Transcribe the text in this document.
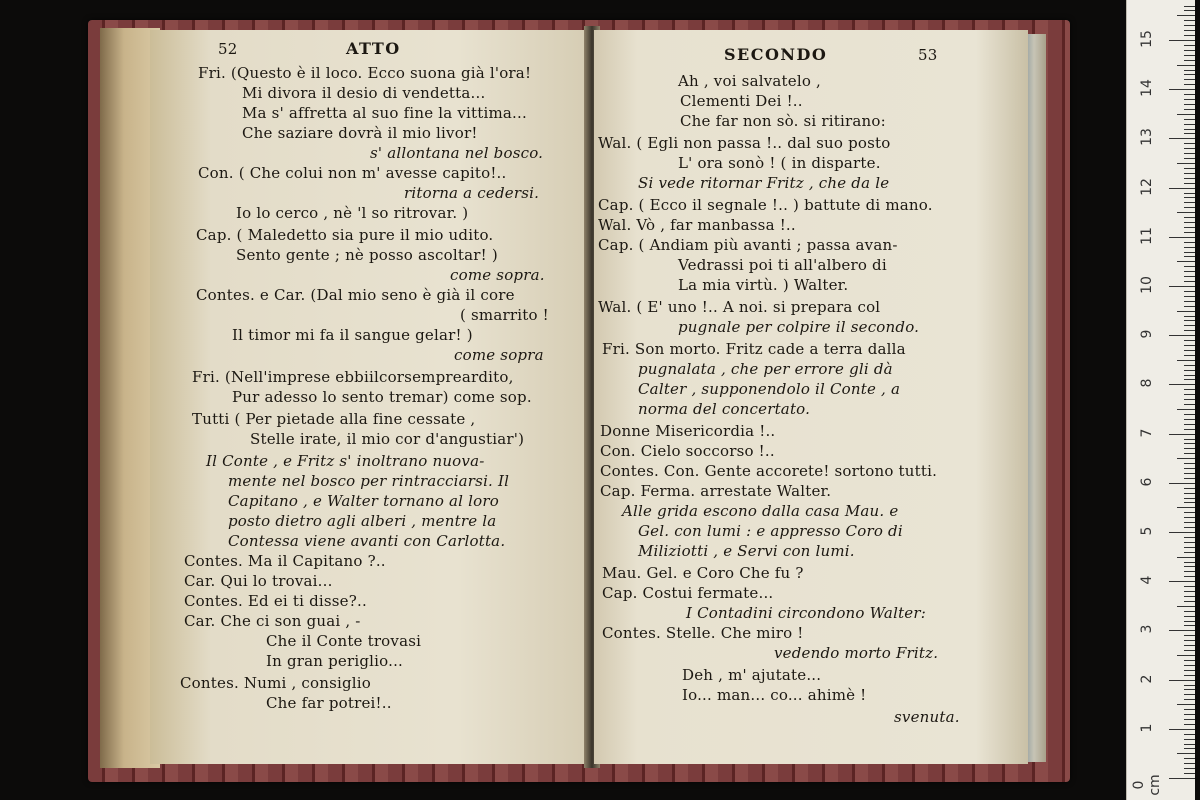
52	ATTO
Fri. (Questo è il loco. Ecco suona già l'ora!
Mi divora il desio di vendetta...
Ma s' affretta al suo fine la vittima...
Che saziare dovrà il mio livor!
s' allontana nel bosco.
Con. ( Che colui non m' avesse capito!..
ritorna a cedersi.
Io lo cerco , nè 'l so ritrovar. )
Cap. ( Maledetto sia pure il mio udito.
Sento gente ; nè posso ascoltar! )
come sopra.
Contes. e Car. (Dal mio seno è già il core
( smarrito !
Il timor mi fa il sangue gelar! )
come sopra
Fri. (Nell'imprese ebbiilcorsempreardito,
Pur adesso lo sento tremar) come sop.
Tutti ( Per pietade alla fine cessate ,
Stelle irate, il mio cor d'angustiar')
Il Conte , e Fritz s' inoltrano nuova-
mente nel bosco per rintracciarsi. Il
Capitano , e Walter tornano al loro
posto dietro agli alberi , mentre la
Contessa viene avanti con Carlotta.
Contes. Ma il Capitano ?..
Car. Qui lo trovai...
Contes. Ed ei ti disse?..
Car. Che ci son guai , -
Che il Conte trovasi
In gran periglio...
Contes. Numi , consiglio
Che far potrei!..
SECONDO	53
Ah , voi salvatelo ,
Clementi Dei !..
Che far non sò. si ritirano:
Wal. ( Egli non passa !.. dal suo posto
L' ora sonò ! ( in disparte.
Si vede ritornar Fritz , che da le
Cap. ( Ecco il segnale !.. ) battute di mano.
Wal. Vò , far manbassa !..
Cap. ( Andiam più avanti ; passa avan-
Vedrassi poi ti all'albero di
La mia virtù. ) Walter.
Wal. ( E' uno !.. A noi. si prepara col
pugnale per colpire il secondo.
Fri. Son morto. Fritz cade a terra dalla
pugnalata , che per errore gli dà
Calter , supponendolo il Conte , a
norma del concertato.
Donne Misericordia !..
Con. Cielo soccorso !..
Contes. Con. Gente accorete! sortono tutti.
Cap. Ferma. arrestate Walter.
Alle grida escono dalla casa Mau. e
Gel. con lumi : e appresso Coro di
Miliziotti , e Servi con lumi.
Mau. Gel. e Coro Che fu ?
Cap. Costui fermate...
I Contadini circondono Walter:
Contes. Stelle. Che miro !
vedendo morto Fritz.
Deh , m' ajutate...
Io... man... co... ahimè !
svenuta.
0 cm
1
2
3
4
5
6
7
8
9
10
11
12
13
14
15
